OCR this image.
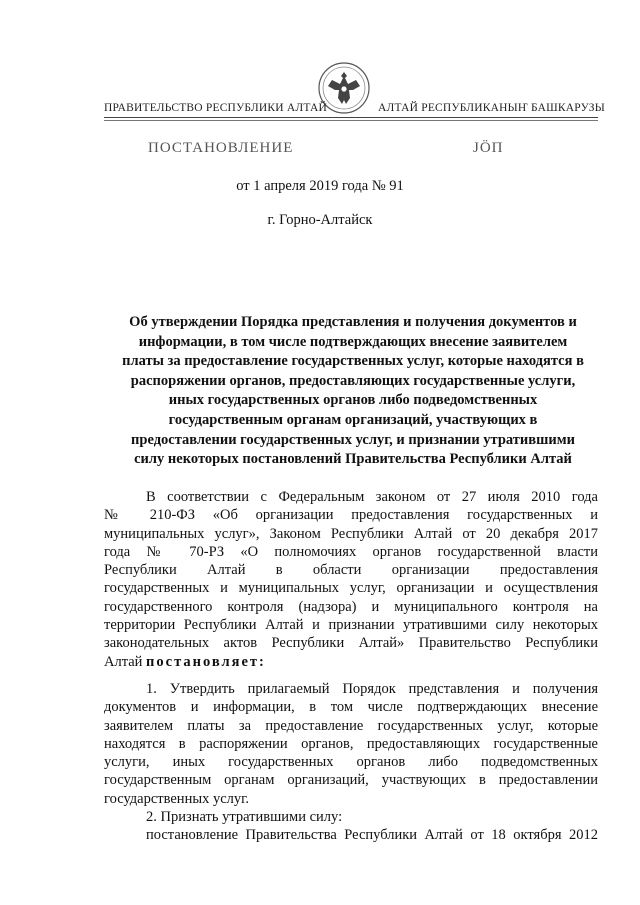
ПРАВИТЕЛЬСТВО РЕСПУБЛИКИ АЛТАЙ	АЛТАЙ РЕСПУБЛИКАНЫҤ БАШКАРУЗЫ
ПОСТАНОВЛЕНИЕ	ЈӦП
от 1 апреля 2019 года № 91
г. Горно-Алтайск
Об утверждении Порядка представления и получения документов и
информации, в том числе подтверждающих внесение заявителем
платы за предоставление государственных услуг, которые находятся в
распоряжении органов, предоставляющих государственные услуги,
иных государственных органов либо подведомственных
государственным органам организаций, участвующих в
предоставлении государственных услуг, и признании утратившими
силу некоторых постановлений Правительства Республики Алтай
В соответствии с Федеральным законом от 27 июля 2010 года
№ 210-ФЗ «Об организации предоставления государственных и
муниципальных услуг», Законом Республики Алтай от 20 декабря 2017
года № 70-РЗ «О полномочиях органов государственной власти
Республики Алтай в области организации предоставления
государственных и муниципальных услуг, организации и осуществления
государственного контроля (надзора) и муниципального контроля на
территории Республики Алтай и признании утратившими силу некоторых
законодательных актов Республики Алтай» Правительство Республики
Алтай постановляет:
1. Утвердить прилагаемый Порядок представления и получения
документов и информации, в том числе подтверждающих внесение
заявителем платы за предоставление государственных услуг, которые
находятся в распоряжении органов, предоставляющих государственные
услуги, иных государственных органов либо подведомственных
государственным органам организаций, участвующих в предоставлении
государственных услуг.
2. Признать утратившими силу:
постановление Правительства Республики Алтай от 18 октября 2012
